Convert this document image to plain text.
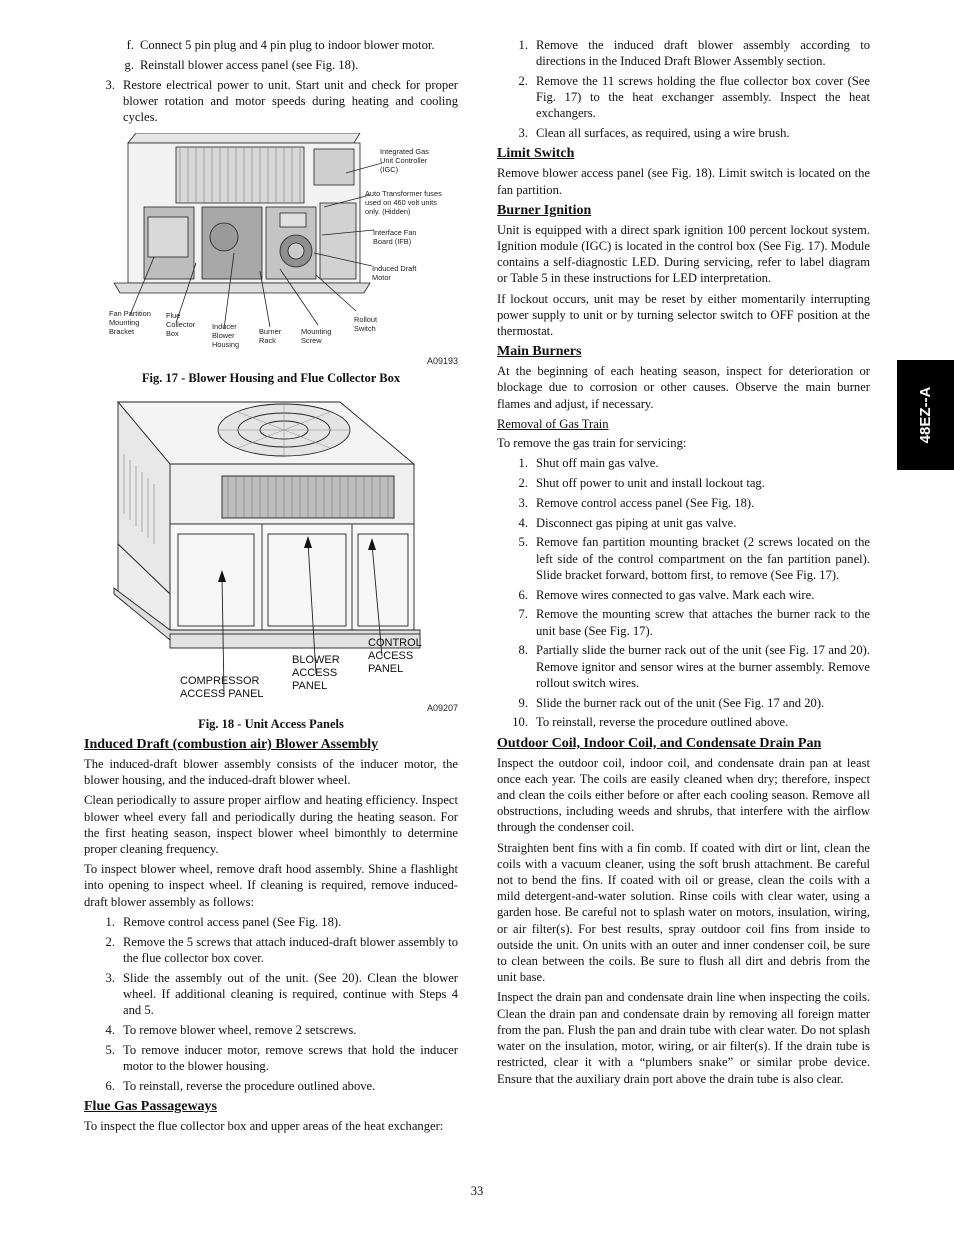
f. Connect 5 pin plug and 4 pin plug to indoor blower motor.
g. Reinstall blower access panel (see Fig. 18).
3. Restore electrical power to unit. Start unit and check for proper blower rotation and motor speeds during heating and cooling cycles.
A09193
Integrated Gas Unit Controller (IGC)
Auto Transformer fuses used on 460 volt units only. (Hidden)
Interface Fan Board (IFB)
Induced Draft Motor
Rollout Switch
Mounting Screw
Burner Rack
Inducer Blower Housing
Flue Collector Box
Fan Partition Mounting Bracket
Fig. 17 - Blower Housing and Flue Collector Box
A09207
COMPRESSOR ACCESS PANEL
BLOWER ACCESS PANEL
CONTROL ACCESS PANEL
Fig. 18 - Unit Access Panels
Induced Draft (combustion air) Blower Assembly

The induced-draft blower assembly consists of the inducer motor, the blower housing, and the induced-draft blower wheel.

Clean periodically to assure proper airflow and heating efficiency. Inspect blower wheel every fall and periodically during the heating season. For the first heating season, inspect blower wheel bimonthly to determine proper cleaning frequency.

To inspect blower wheel, remove draft hood assembly. Shine a flashlight into opening to inspect wheel. If cleaning is required, remove induced-draft blower assembly as follows:

1. Remove control access panel (See Fig. 18).
2. Remove the 5 screws that attach induced-draft blower assembly to the flue collector box cover.
3. Slide the assembly out of the unit. (See 20). Clean the blower wheel. If additional cleaning is required, continue with Steps 4 and 5.
4. To remove blower wheel, remove 2 setscrews.
5. To remove inducer motor, remove screws that hold the inducer motor to the blower housing.
6. To reinstall, reverse the procedure outlined above.
Flue Gas Passageways

To inspect the flue collector box and upper areas of the heat exchanger:

1. Remove the induced draft blower assembly according to directions in the Induced Draft Blower Assembly section.
2. Remove the 11 screws holding the flue collector box cover (See Fig. 17) to the heat exchanger assembly. Inspect the heat exchangers.
3. Clean all surfaces, as required, using a wire brush.
Limit Switch

Remove blower access panel (see Fig. 18). Limit switch is located on the fan partition.

Burner Ignition

Unit is equipped with a direct spark ignition 100 percent lockout system. Ignition module (IGC) is located in the control box (See Fig. 17). Module contains a self-diagnostic LED. During servicing, refer to label diagram or Table 5 in these instructions for LED interpretation.

If lockout occurs, unit may be reset by either momentarily interrupting power supply to unit or by turning selector switch to OFF position at the thermostat.

Main Burners

At the beginning of each heating season, inspect for deterioration or blockage due to corrosion or other causes. Observe the main burner flames and adjust, if necessary.

Removal of Gas Train

To remove the gas train for servicing:

1. Shut off main gas valve.
2. Shut off power to unit and install lockout tag.
3. Remove control access panel (See Fig. 18).
4. Disconnect gas piping at unit gas valve.
5. Remove fan partition mounting bracket (2 screws located on the left side of the control compartment on the fan partition panel). Slide bracket forward, bottom first, to remove (See Fig. 17).
6. Remove wires connected to gas valve. Mark each wire.
7. Remove the mounting screw that attaches the burner rack to the unit base (See Fig. 17).
8. Partially slide the burner rack out of the unit (see Fig. 17 and 20). Remove ignitor and sensor wires at the burner assembly. Remove rollout switch wires.
9. Slide the burner rack out of the unit (See Fig. 17 and 20).
10. To reinstall, reverse the procedure outlined above.
Outdoor Coil, Indoor Coil, and Condensate Drain Pan

Inspect the outdoor coil, indoor coil, and condensate drain pan at least once each year. The coils are easily cleaned when dry; therefore, inspect and clean the coils either before or after each cooling season. Remove all obstructions, including weeds and shrubs, that interfere with the airflow through the condenser coil.

Straighten bent fins with a fin comb. If coated with dirt or lint, clean the coils with a vacuum cleaner, using the soft brush attachment. Be careful not to bend the fins. If coated with oil or grease, clean the coils with a mild detergent-and-water solution. Rinse coils with clear water, using a garden hose. Be careful not to splash water on motors, insulation, wiring, or air filter(s). For best results, spray outdoor coil fins from inside to outside the unit. On units with an outer and inner condenser coil, be sure to clean between the coils. Be sure to flush all dirt and debris from the unit base.

Inspect the drain pan and condensate drain line when inspecting the coils. Clean the drain pan and condensate drain by removing all foreign matter from the pan. Flush the pan and drain tube with clear water. Do not splash water on the insulation, motor, wiring, or air filter(s). If the drain tube is restricted, clear it with a “plumbers snake” or similar probe device. Ensure that the auxiliary drain port above the drain tube is also clear.

48EZ--A
33
